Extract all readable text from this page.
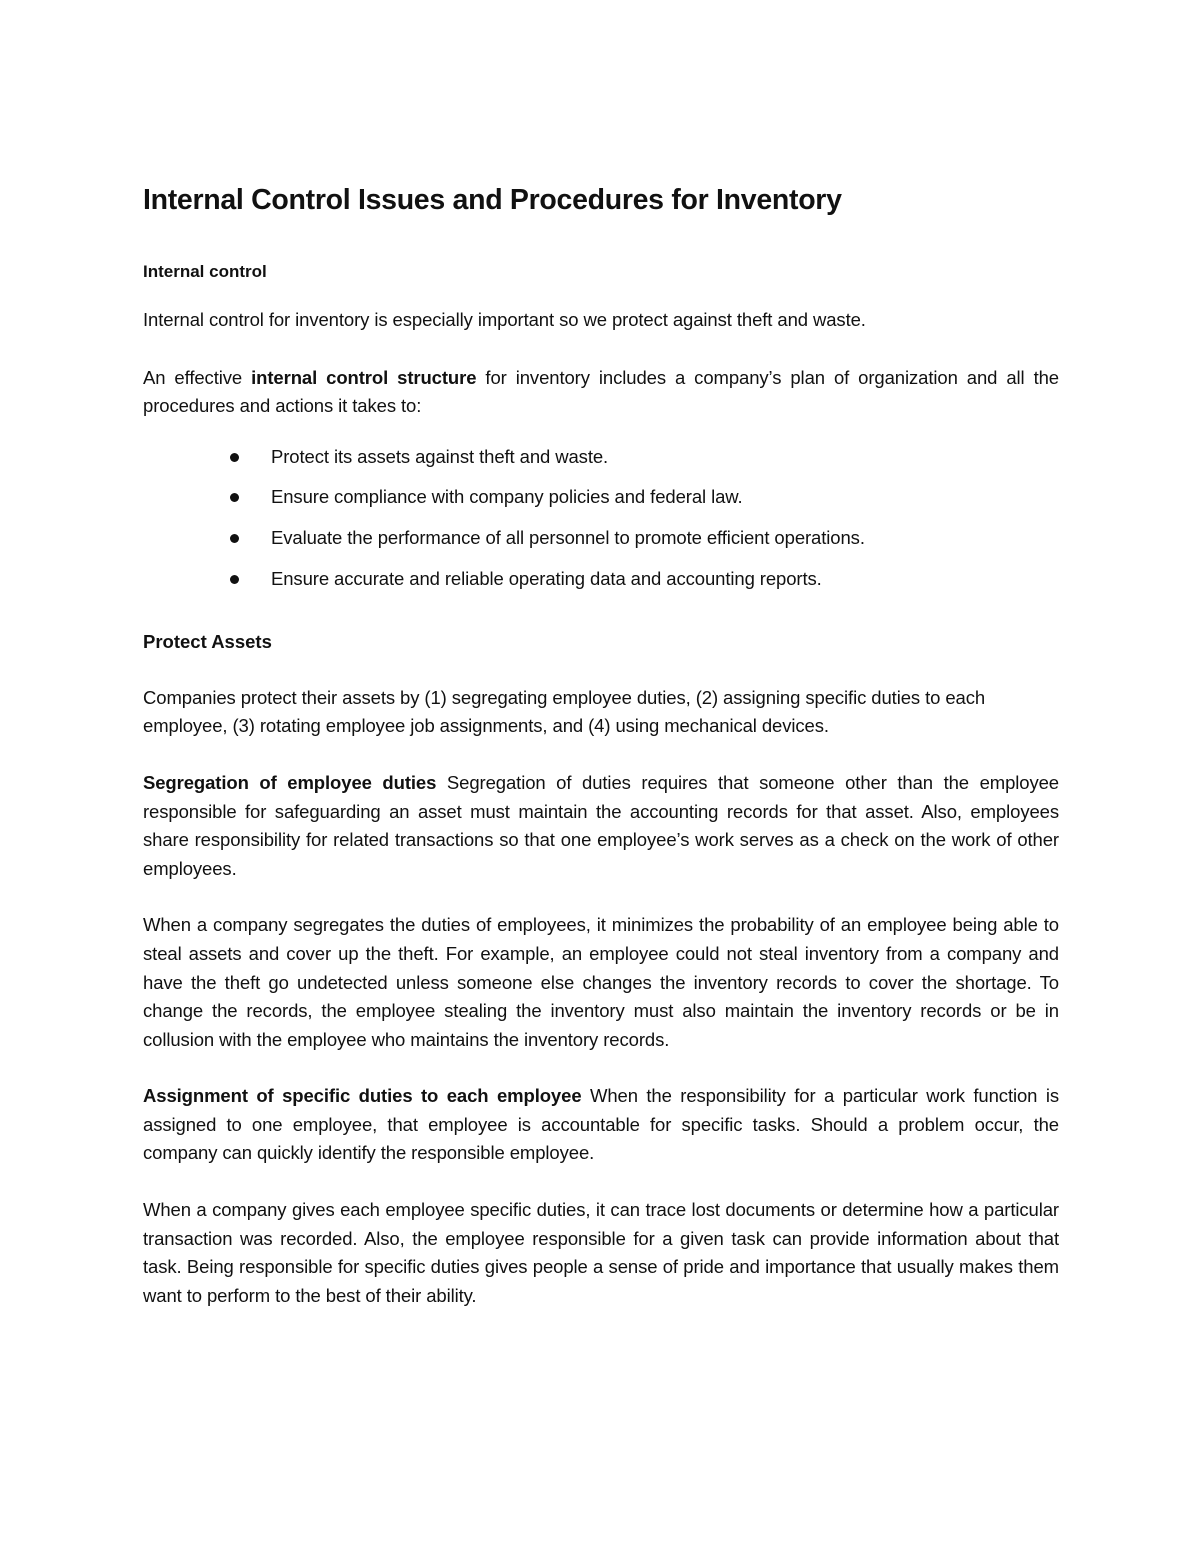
Internal Control Issues and Procedures for Inventory
Internal control

Internal control for inventory is especially important so we protect against theft and waste.

An effective internal control structure for inventory includes a company’s plan of organization and all the procedures and actions it takes to:

Protect its assets against theft and waste.
Ensure compliance with company policies and federal law.
Evaluate the performance of all personnel to promote efficient operations.
Ensure accurate and reliable operating data and accounting reports.
Protect Assets

Companies protect their assets by (1) segregating employee duties, (2) assigning specific duties to each employee, (3) rotating employee job assignments, and (4) using mechanical devices.

Segregation of employee duties Segregation of duties requires that someone other than the employee responsible for safeguarding an asset must maintain the accounting records for that asset. Also, employees share responsibility for related transactions so that one employee’s work serves as a check on the work of other employees.

When a company segregates the duties of employees, it minimizes the probability of an employee being able to steal assets and cover up the theft. For example, an employee could not steal inventory from a company and have the theft go undetected unless someone else changes the inventory records to cover the shortage. To change the records, the employee stealing the inventory must also maintain the inventory records or be in collusion with the employee who maintains the inventory records.

Assignment of specific duties to each employee When the responsibility for a particular work function is assigned to one employee, that employee is accountable for specific tasks. Should a problem occur, the company can quickly identify the responsible employee.

When a company gives each employee specific duties, it can trace lost documents or determine how a particular transaction was recorded. Also, the employee responsible for a given task can provide information about that task. Being responsible for specific duties gives people a sense of pride and importance that usually makes them want to perform to the best of their ability.
